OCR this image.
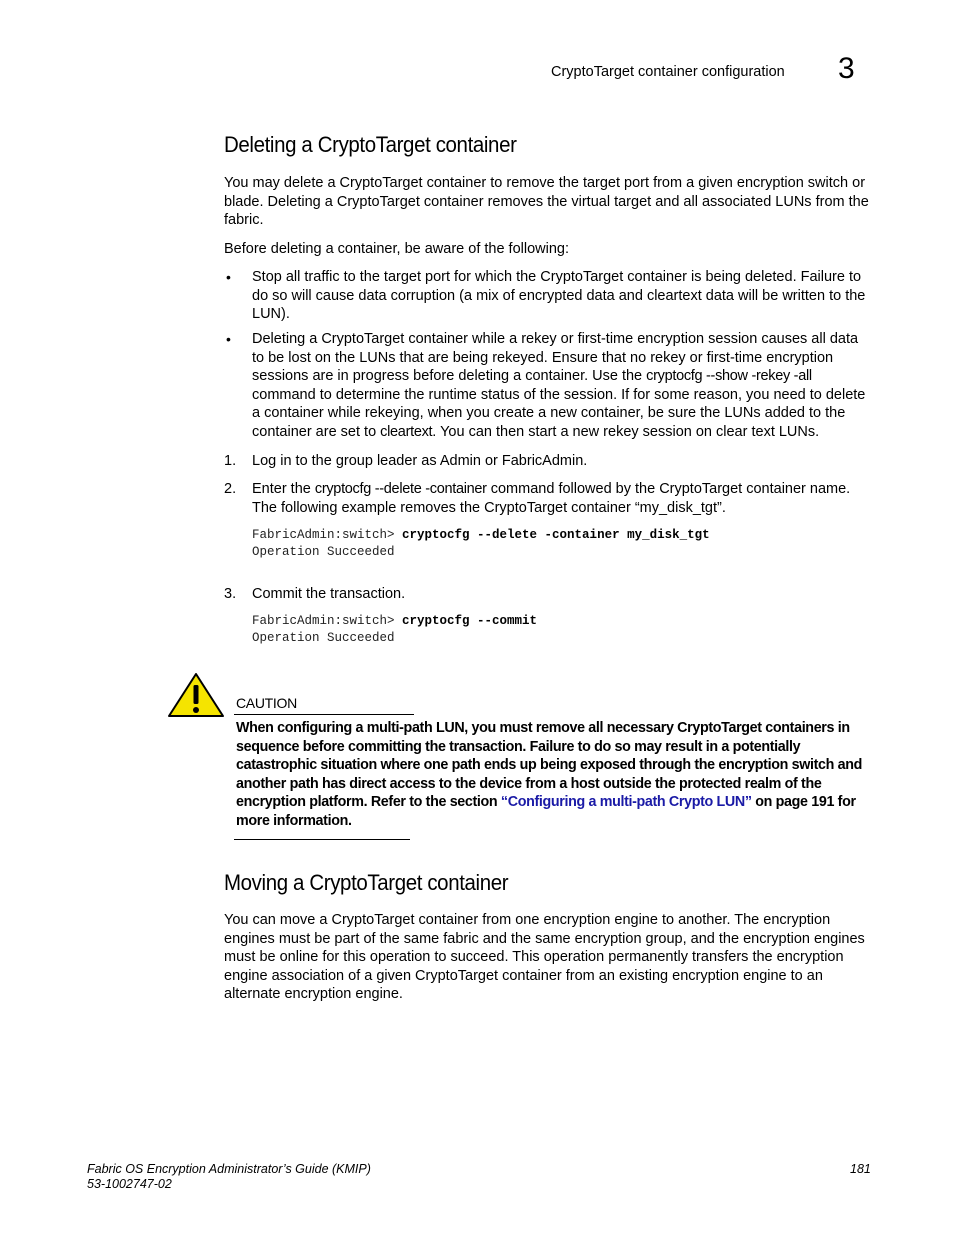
CryptoTarget container configuration 3
Deleting a CryptoTarget container
You may delete a CryptoTarget container to remove the target port from a given encryption switch or blade. Deleting a CryptoTarget container removes the virtual target and all associated LUNs from the fabric.
Before deleting a container, be aware of the following:
• Stop all traffic to the target port for which the CryptoTarget container is being deleted. Failure to do so will cause data corruption (a mix of encrypted data and cleartext data will be written to the LUN).
• Deleting a CryptoTarget container while a rekey or first-time encryption session causes all data to be lost on the LUNs that are being rekeyed. Ensure that no rekey or first-time encryption sessions are in progress before deleting a container. Use the cryptocfg --show -rekey -all command to determine the runtime status of the session. If for some reason, you need to delete a container while rekeying, when you create a new container, be sure the LUNs added to the container are set to cleartext. You can then start a new rekey session on clear text LUNs.
1. Log in to the group leader as Admin or FabricAdmin.
2. Enter the cryptocfg --delete -container command followed by the CryptoTarget container name. The following example removes the CryptoTarget container “my_disk_tgt”.
FabricAdmin:switch> cryptocfg --delete -container my_disk_tgt
Operation Succeeded
3. Commit the transaction.
FabricAdmin:switch> cryptocfg --commit
Operation Succeeded
CAUTION
When configuring a multi-path LUN, you must remove all necessary CryptoTarget containers in sequence before committing the transaction. Failure to do so may result in a potentially catastrophic situation where one path ends up being exposed through the encryption switch and another path has direct access to the device from a host outside the protected realm of the encryption platform. Refer to the section “Configuring a multi-path Crypto LUN” on page 191 for more information.
Moving a CryptoTarget container
You can move a CryptoTarget container from one encryption engine to another. The encryption engines must be part of the same fabric and the same encryption group, and the encryption engines must be online for this operation to succeed. This operation permanently transfers the encryption engine association of a given CryptoTarget container from an existing encryption engine to an alternate encryption engine.
Fabric OS Encryption Administrator’s Guide (KMIP)
53-1002747-02
181
